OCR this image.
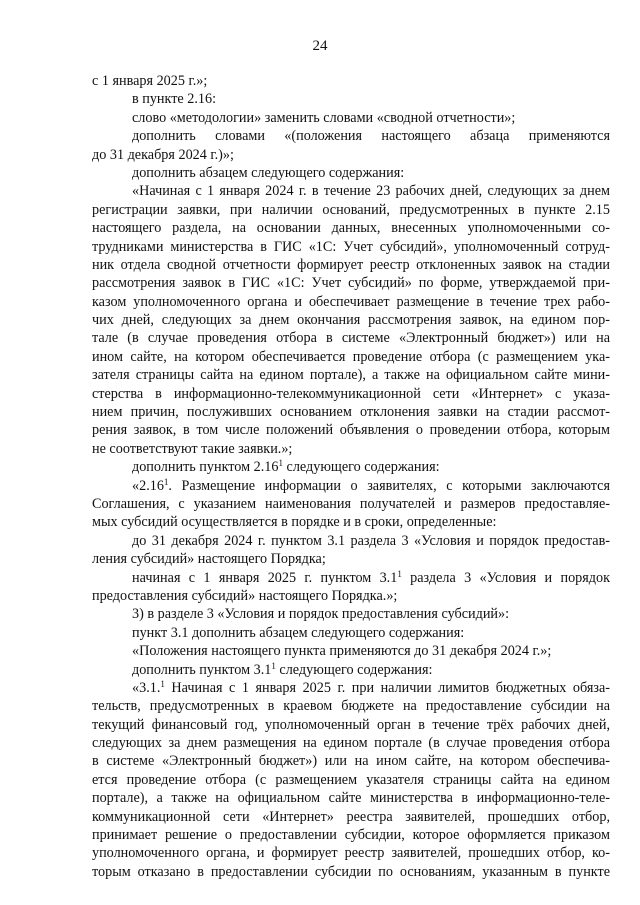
24
с 1 января 2025 г.»;
в пункте 2.16:
слово «методологии» заменить словами «сводной отчетности»;
дополнить словами «(положения настоящего абзаца применяются
до 31 декабря 2024 г.)»;
дополнить абзацем следующего содержания:
«Начиная с 1 января 2024 г. в течение 23 рабочих дней, следующих за днем
регистрации заявки, при наличии оснований, предусмотренных в пункте 2.15
настоящего раздела, на основании данных, внесенных уполномоченными со-
трудниками министерства в ГИС «1С: Учет субсидий», уполномоченный сотруд-
ник отдела сводной отчетности формирует реестр отклоненных заявок на стадии
рассмотрения заявок в ГИС «1С: Учет субсидий» по форме, утверждаемой при-
казом уполномоченного органа и обеспечивает размещение в течение трех рабо-
чих дней, следующих за днем окончания рассмотрения заявок, на едином пор-
тале (в случае проведения отбора в системе «Электронный бюджет») или на
ином сайте, на котором обеспечивается проведение отбора (с размещением ука-
зателя страницы сайта на едином портале), а также на официальном сайте мини-
стерства в информационно-телекоммуникационной сети «Интернет» с указа-
нием причин, послуживших основанием отклонения заявки на стадии рассмот-
рения заявок, в том числе положений объявления о проведении отбора, которым
не соответствуют такие заявки.»;
дополнить пунктом 2.16$^1$ следующего содержания:
«2.16$^1$. Размещение информации о заявителях, с которыми заключаются
Соглашения, с указанием наименования получателей и размеров предоставляе-
мых субсидий осуществляется в порядке и в сроки, определенные:
до 31 декабря 2024 г. пунктом 3.1 раздела 3 «Условия и порядок предостав-
ления субсидий» настоящего Порядка;
начиная с 1 января 2025 г. пунктом $3.1^1$ раздела 3 «Условия и порядок
предоставления субсидий» настоящего Порядка.»;
3) в разделе 3 «Условия и порядок предоставления субсидий»:
пункт 3.1 дополнить абзацем следующего содержания:
«Положения настоящего пункта применяются до 31 декабря 2024 г.»;
дополнить пунктом $3.1^1$ следующего содержания:
«3.1.$^1$ Начиная с 1 января 2025 г. при наличии лимитов бюджетных обяза-
тельств, предусмотренных в краевом бюджете на предоставление субсидии на
текущий финансовый год, уполномоченный орган в течение трёх рабочих дней,
следующих за днем размещения на едином портале (в случае проведения отбора
в системе «Электронный бюджет») или на ином сайте, на котором обеспечива-
ется проведение отбора (с размещением указателя страницы сайта на едином
портале), а также на официальном сайте министерства в информационно-теле-
коммуникационной сети «Интернет» реестра заявителей, прошедших отбор,
принимает решение о предоставлении субсидии, которое оформляется приказом
уполномоченного органа, и формирует реестр заявителей, прошедших отбор, ко-
торым отказано в предоставлении субсидии по основаниям, указанным в пункте
